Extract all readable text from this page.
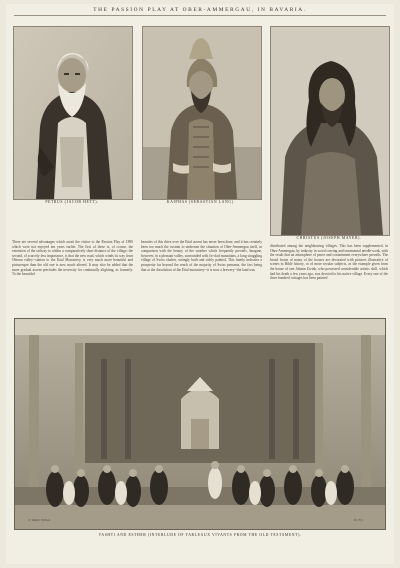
THE PASSION PLAY AT OBER-AMMERGAU, IN BAVARIA.
PETRUS (JACOB HETT).	KAIPHAS (SEBASTIAN LANG).
CHRISTUS (JOSEPH MAYER).
There are several advantages which await the visitor to the Passion Play of 1890 which were not enjoyed ten years earlier. The first of these is, of course, the extension of the railway to within a comparatively short distance of the village; the second, of scarcely less importance, is that the new road, which winds its way from Oberau valley--station to the Ettal Monastery, is very much more beautiful and picturesque than the old one is now much altered. It may also be added that the more gradual ascent precludes the necessity for continually alighting, as formerly. To the beautiful
beauties of this drive over the Ettal ascent has never been done, and it has certainly been too much the custom to underrate the situation of Ober-Ammergau itself, in comparison with the beauty of the weather which frequently prevails. Imagine, however, in a pleasant valley, surrounded with fir-clad mountains, a long straggling village of Swiss chalets, strongly built and richly painted. This faintly indicates a prosperity far beyond the reach of the majority of Swiss peasants, the fact being that at the dissolution of the Ettal monastery--it is now a brewery--the land was
distributed among the neighbouring villages. This has been supplemented, in Ober-Ammergau, by industry in wood carving and ornamental needle-work, with the result that an atmosphere of peace and contentment everywhere prevails. The broad fronts of many of the houses are decorated with pictures illustrative of scenes in Bible history, or of more secular subjects, as the example given from the house of one Johann Zwink, who possessed considerable artistic skill, which had his death a few years ago, was devoted to his native village. Every one of the three hundred cottages has been painted
T. Walter Wilson	W. Fry
VASHTI AND ESTHER (INTERLUDE OF TABLEAUX VIVANTS FROM THE OLD TESTAMENT).
